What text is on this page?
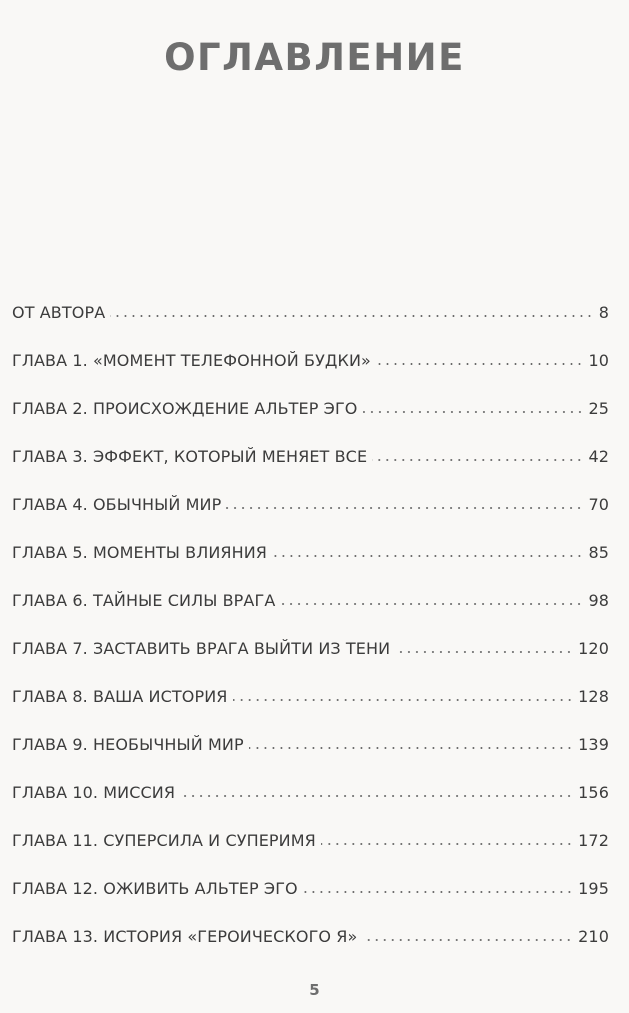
ОГЛАВЛЕНИЕ
ОТ АВТОРА	8
ГЛАВА 1. «МОМЕНТ ТЕЛЕФОННОЙ БУДКИ»	10
ГЛАВА 2. ПРОИСХОЖДЕНИЕ АЛЬТЕР ЭГО	25
ГЛАВА 3. ЭФФЕКТ, КОТОРЫЙ МЕНЯЕТ ВСЕ	42
ГЛАВА 4. ОБЫЧНЫЙ МИР	70
ГЛАВА 5. МОМЕНТЫ ВЛИЯНИЯ	85
ГЛАВА 6. ТАЙНЫЕ СИЛЫ ВРАГА	98
ГЛАВА 7. ЗАСТАВИТЬ ВРАГА ВЫЙТИ ИЗ ТЕНИ	120
ГЛАВА 8. ВАША ИСТОРИЯ	128
ГЛАВА 9. НЕОБЫЧНЫЙ МИР	139
ГЛАВА 10. МИССИЯ	156
ГЛАВА 11. СУПЕРСИЛА И СУПЕРИМЯ	172
ГЛАВА 12. ОЖИВИТЬ АЛЬТЕР ЭГО	195
ГЛАВА 13. ИСТОРИЯ «ГЕРОИЧЕСКОГО Я»	210
5
